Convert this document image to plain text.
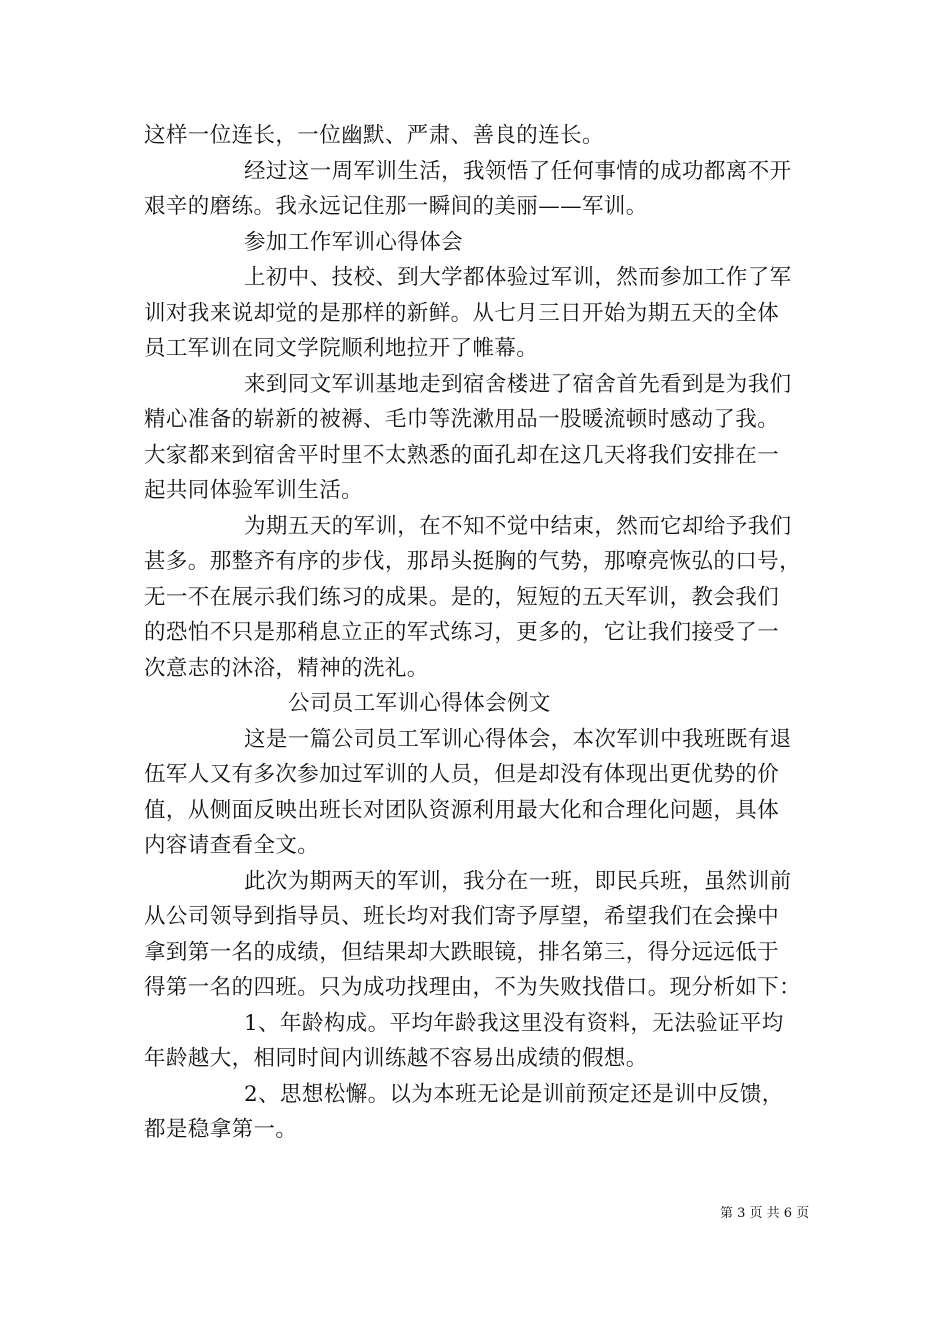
这样一位连长，一位幽默、严肃、善良的连长。
经过这一周军训生活，我领悟了任何事情的成功都离不开
艰辛的磨练。我永远记住那一瞬间的美丽——军训。
参加工作军训心得体会
上初中、技校、到大学都体验过军训，然而参加工作了军
训对我来说却觉的是那样的新鲜。从七月三日开始为期五天的全体
员工军训在同文学院顺利地拉开了帷幕。
来到同文军训基地走到宿舍楼进了宿舍首先看到是为我们
精心准备的崭新的被褥、毛巾等洗漱用品一股暖流顿时感动了我。
大家都来到宿舍平时里不太熟悉的面孔却在这几天将我们安排在一
起共同体验军训生活。
为期五天的军训，在不知不觉中结束，然而它却给予我们
甚多。那整齐有序的步伐，那昂头挺胸的气势，那嘹亮恢弘的口号，
无一不在展示我们练习的成果。是的，短短的五天军训，教会我们
的恐怕不只是那稍息立正的军式练习，更多的，它让我们接受了一
次意志的沐浴，精神的洗礼。
公司员工军训心得体会例文
这是一篇公司员工军训心得体会，本次军训中我班既有退
伍军人又有多次参加过军训的人员，但是却没有体现出更优势的价
值，从侧面反映出班长对团队资源利用最大化和合理化问题，具体
内容请查看全文。
此次为期两天的军训，我分在一班，即民兵班，虽然训前
从公司领导到指导员、班长均对我们寄予厚望，希望我们在会操中
拿到第一名的成绩，但结果却大跌眼镜，排名第三，得分远远低于
得第一名的四班。只为成功找理由，不为失败找借口。现分析如下：
1、年龄构成。平均年龄我这里没有资料，无法验证平均
年龄越大，相同时间内训练越不容易出成绩的假想。
2、思想松懈。以为本班无论是训前预定还是训中反馈，
都是稳拿第一。
第 3 页 共 6 页
